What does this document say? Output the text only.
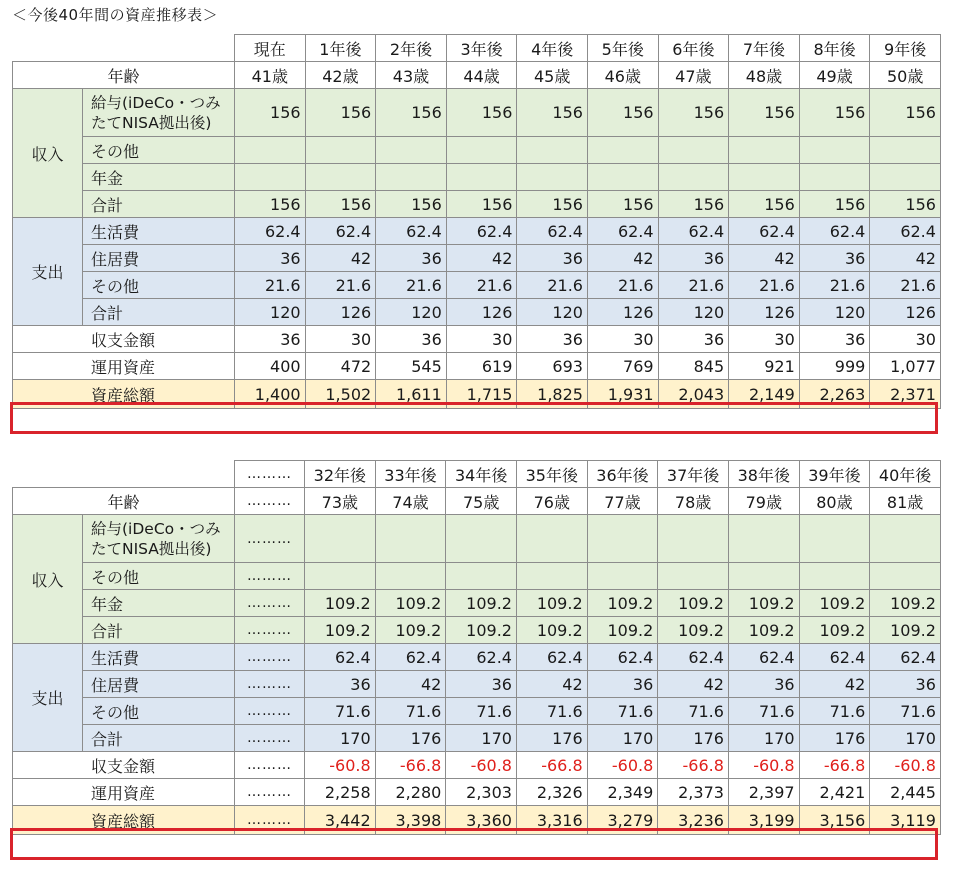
＜今後40年間の資産推移表＞
		現在	1年後	2年後	3年後	4年後	5年後	6年後	7年後	8年後	9年後
年齢		41歳	42歳	43歳	44歳	45歳	46歳	47歳	48歳	49歳	50歳
収入	給与(iDeCo・つみたてNISA拠出後)	156	156	156	156	156	156	156	156	156	156
	その他										
	年金										
	合計	156	156	156	156	156	156	156	156	156	156
支出	生活費	62.4	62.4	62.4	62.4	62.4	62.4	62.4	62.4	62.4	62.4
	住居費	36	42	36	42	36	42	36	42	36	42
	その他	21.6	21.6	21.6	21.6	21.6	21.6	21.6	21.6	21.6	21.6
	合計	120	126	120	126	120	126	120	126	120	126
収支金額		36	30	36	30	36	30	36	30	36	30
運用資産		400	472	545	619	693	769	845	921	999	1,077
資産総額		1,400	1,502	1,611	1,715	1,825	1,931	2,043	2,149	2,263	2,371
		………	32年後	33年後	34年後	35年後	36年後	37年後	38年後	39年後	40年後
年齢		………	73歳	74歳	75歳	76歳	77歳	78歳	79歳	80歳	81歳
収入	給与(iDeCo・つみたてNISA拠出後)	………									
	その他	………									
	年金	………	109.2	109.2	109.2	109.2	109.2	109.2	109.2	109.2	109.2
	合計	………	109.2	109.2	109.2	109.2	109.2	109.2	109.2	109.2	109.2
支出	生活費	………	62.4	62.4	62.4	62.4	62.4	62.4	62.4	62.4	62.4
	住居費	………	36	42	36	42	36	42	36	42	36
	その他	………	71.6	71.6	71.6	71.6	71.6	71.6	71.6	71.6	71.6
	合計	………	170	176	170	176	170	176	170	176	170
収支金額		………	-60.8	-66.8	-60.8	-66.8	-60.8	-66.8	-60.8	-66.8	-60.8
運用資産		………	2,258	2,280	2,303	2,326	2,349	2,373	2,397	2,421	2,445
資産総額		………	3,442	3,398	3,360	3,316	3,279	3,236	3,199	3,156	3,119
